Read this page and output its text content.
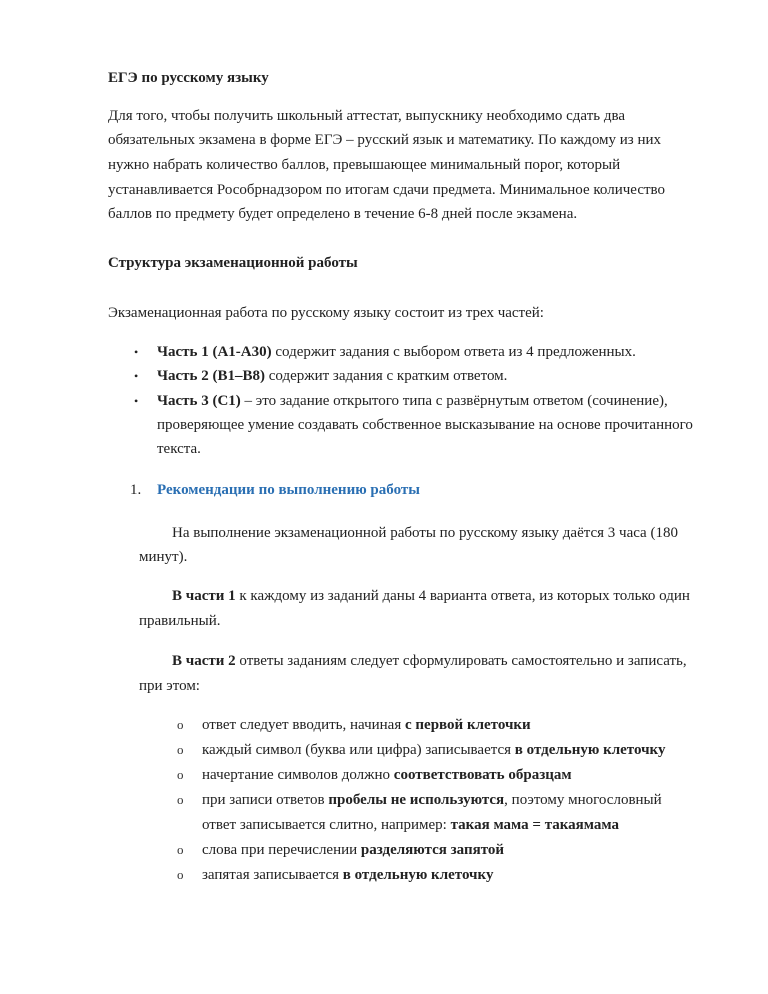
ЕГЭ по русскому языку
Для того, чтобы получить школьный аттестат, выпускнику необходимо сдать два
обязательных экзамена в форме ЕГЭ – русский язык и математику. По каждому из них
нужно набрать количество баллов, превышающее минимальный порог, который
устанавливается Рособрнадзором по итогам сдачи предмета. Минимальное количество
баллов по предмету будет определено в течение 6-8 дней после экзамена.
Структура экзаменационной работы
Экзаменационная работа по русскому языку состоит из трех частей:
• Часть 1 (А1-А30) содержит задания с выбором ответа из 4 предложенных.
• Часть 2 (В1–В8) содержит задания с кратким ответом.
• Часть 3 (С1) – это задание открытого типа с развёрнутым ответом (сочинение),
проверяющее умение создавать собственное высказывание на основе прочитанного
текста.
1. Рекомендации по выполнению работы
На выполнение экзаменационной работы по русскому языку даётся 3 часа (180
минут).
В части 1 к каждому из заданий даны 4 варианта ответа, из которых только один
правильный.
В части 2 ответы заданиям следует сформулировать самостоятельно и записать,
при этом:
o ответ следует вводить, начиная с первой клеточки
o каждый символ (буква или цифра) записывается в отдельную клеточку
o начертание символов должно соответствовать образцам
o при записи ответов пробелы не используются, поэтому многословный
ответ записывается слитно, например: такая мама = такаямама
o слова при перечислении разделяются запятой
o запятая записывается в отдельную клеточку
